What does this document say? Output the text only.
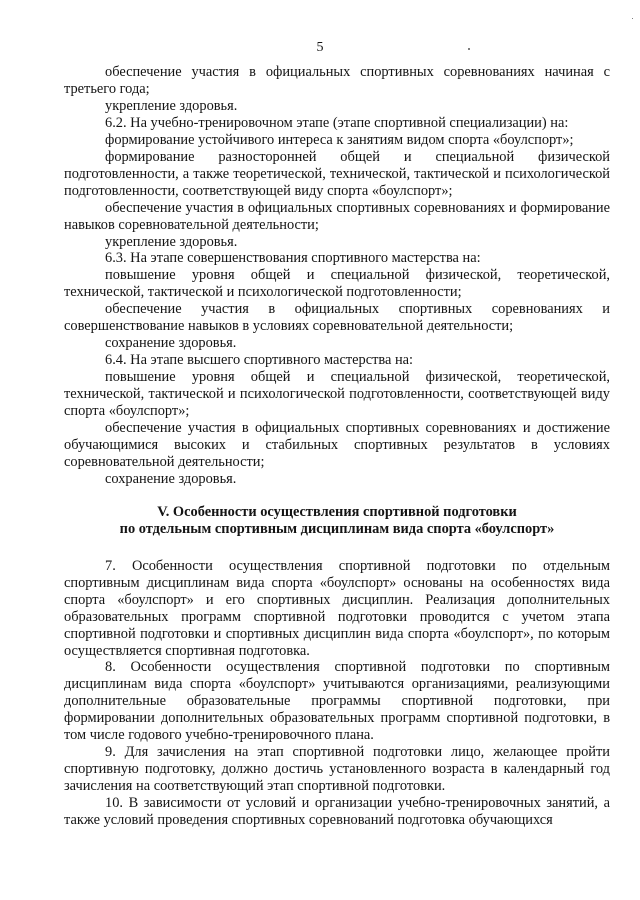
5

обеспечение участия в официальных спортивных соревнованиях начиная с третьего года;

укрепление здоровья.

6.2. На учебно-тренировочном этапе (этапе спортивной специализации) на:

формирование устойчивого интереса к занятиям видом спорта «боулспорт»;

формирование разносторонней общей и специальной физической подготовленности, а также теоретической, технической, тактической и психологической подготовленности, соответствующей виду спорта «боулспорт»;

обеспечение участия в официальных спортивных соревнованиях и формирование навыков соревновательной деятельности;

укрепление здоровья.

6.3. На этапе совершенствования спортивного мастерства на:

повышение уровня общей и специальной физической, теоретической, технической, тактической и психологической подготовленности;

обеспечение участия в официальных спортивных соревнованиях и совершенствование навыков в условиях соревновательной деятельности;

сохранение здоровья.

6.4. На этапе высшего спортивного мастерства на:

повышение уровня общей и специальной физической, теоретической, технической, тактической и психологической подготовленности, соответствующей виду спорта «боулспорт»;

обеспечение участия в официальных спортивных соревнованиях и достижение обучающимися высоких и стабильных спортивных результатов в условиях соревновательной деятельности;

сохранение здоровья.

V. Особенности осуществления спортивной подготовки

по отдельным спортивным дисциплинам вида спорта «боулспорт»

7. Особенности осуществления спортивной подготовки по отдельным спортивным дисциплинам вида спорта «боулспорт» основаны на особенностях вида спорта «боулспорт» и его спортивных дисциплин. Реализация дополнительных образовательных программ спортивной подготовки проводится с учетом этапа спортивной подготовки и спортивных дисциплин вида спорта «боулспорт», по которым осуществляется спортивная подготовка.

8. Особенности осуществления спортивной подготовки по спортивным дисциплинам вида спорта «боулспорт» учитываются организациями, реализующими дополнительные образовательные программы спортивной подготовки, при формировании дополнительных образовательных программ спортивной подготовки, в том числе годового учебно-тренировочного плана.

9. Для зачисления на этап спортивной подготовки лицо, желающее пройти спортивную подготовку, должно достичь установленного возраста в календарный год зачисления на соответствующий этап спортивной подготовки.

10. В зависимости от условий и организации учебно-тренировочных занятий, а также условий проведения спортивных соревнований подготовка обучающихся
